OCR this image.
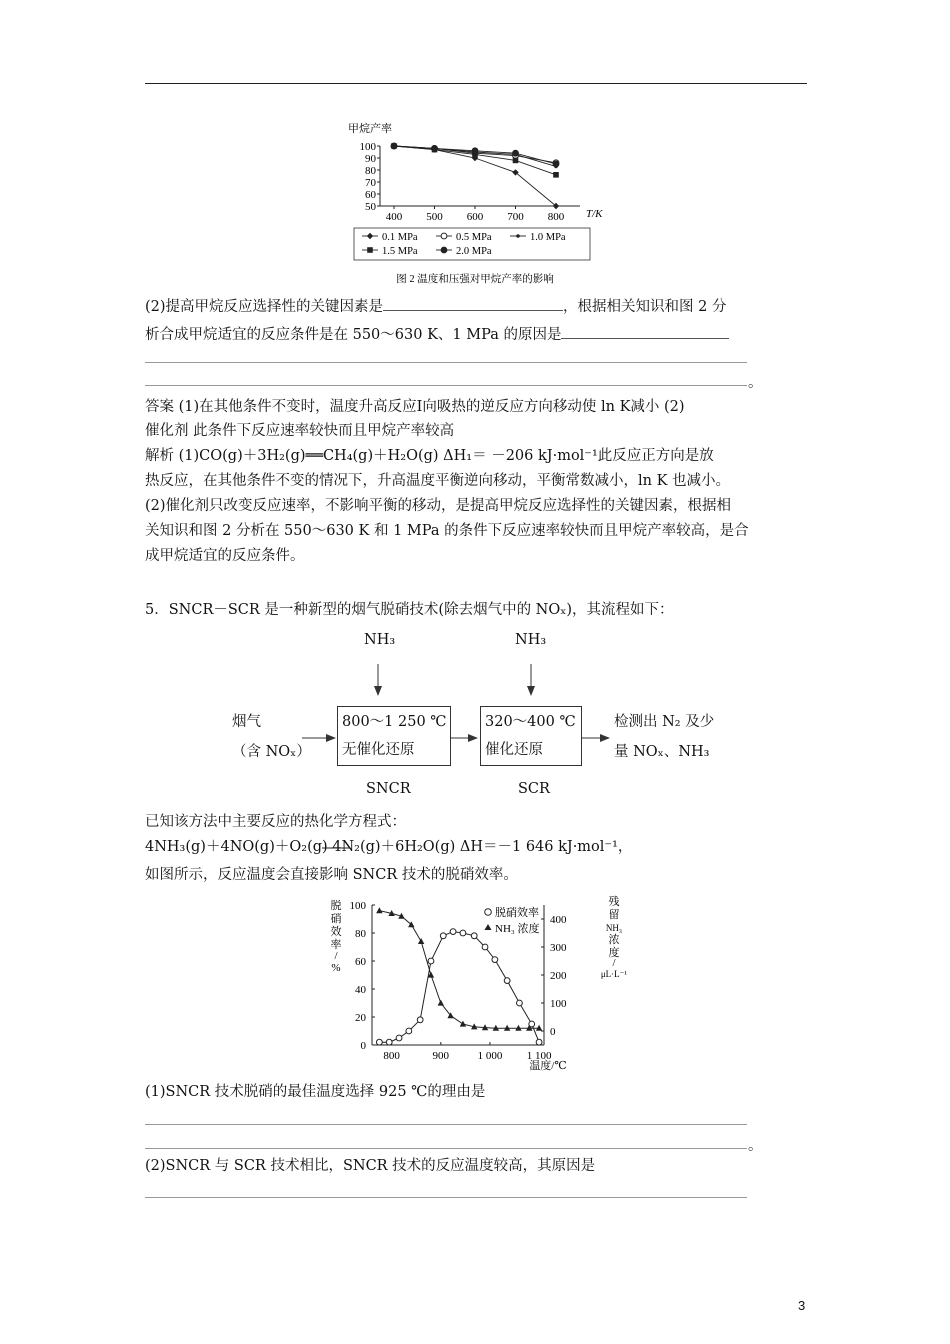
甲烷产率
50
60
70
80
90
100
400 500 600 700 800 T/K
0.1 MPa	0.5 MPa	1.0 MPa
1.5 MPa	2.0 MPa
图 2 温度和压强对甲烷产率的影响
(2)提高甲烷反应选择性的关键因素是	，根据相关知识和图 2 分
析合成甲烷适宜的反应条件是在 550～630 K、1 MPa 的原因是
。
答案 (1)在其他条件不变时，温度升高反应Ⅰ向吸热的逆反应方向移动使 ln K减小 (2)
催化剂 此条件下反应速率较快而且甲烷产率较高
解析 (1)CO(g)＋3H₂(g)══CH₄(g)＋H₂O(g) ΔH₁＝ －206 kJ·mol⁻¹此反应正方向是放
热反应，在其他条件不变的情况下，升高温度平衡逆向移动，平衡常数减小，ln K 也减小。
(2)催化剂只改变反应速率，不影响平衡的移动，是提高甲烷反应选择性的关键因素，根据相
关知识和图 2 分析在 550～630 K 和 1 MPa 的条件下反应速率较快而且甲烷产率较高，是合
成甲烷适宜的反应条件。
5．SNCR－SCR 是一种新型的烟气脱硝技术(除去烟气中的 NOₓ)，其流程如下：
NH₃	NH₃
烟气
（含 NOₓ）
800～1 250 ℃
无催化还原
320～400 ℃
催化还原
检测出 N₂ 及少
量 NOₓ、NH₃
SNCR	SCR
已知该方法中主要反应的热化学方程式：
4NH₃(g)＋4NO(g)＋O₂(g) 4N₂(g)＋6H₂O(g) ΔH＝－1 646 kJ·mol⁻¹，
如图所示，反应温度会直接影响 SNCR 技术的脱硝效率。
脱
硝
效
率
/
%
0
20
40
60
80
100
0
100
200
300
400
800	900	1 000 1 100
脱硝效率
NH₃ 浓度
残
留
NH₃
浓
度
/
μL·L⁻¹
温度/℃
(1)SNCR 技术脱硝的最佳温度选择 925 ℃的理由是
。
(2)SNCR 与 SCR 技术相比，SNCR 技术的反应温度较高，其原因是
3
